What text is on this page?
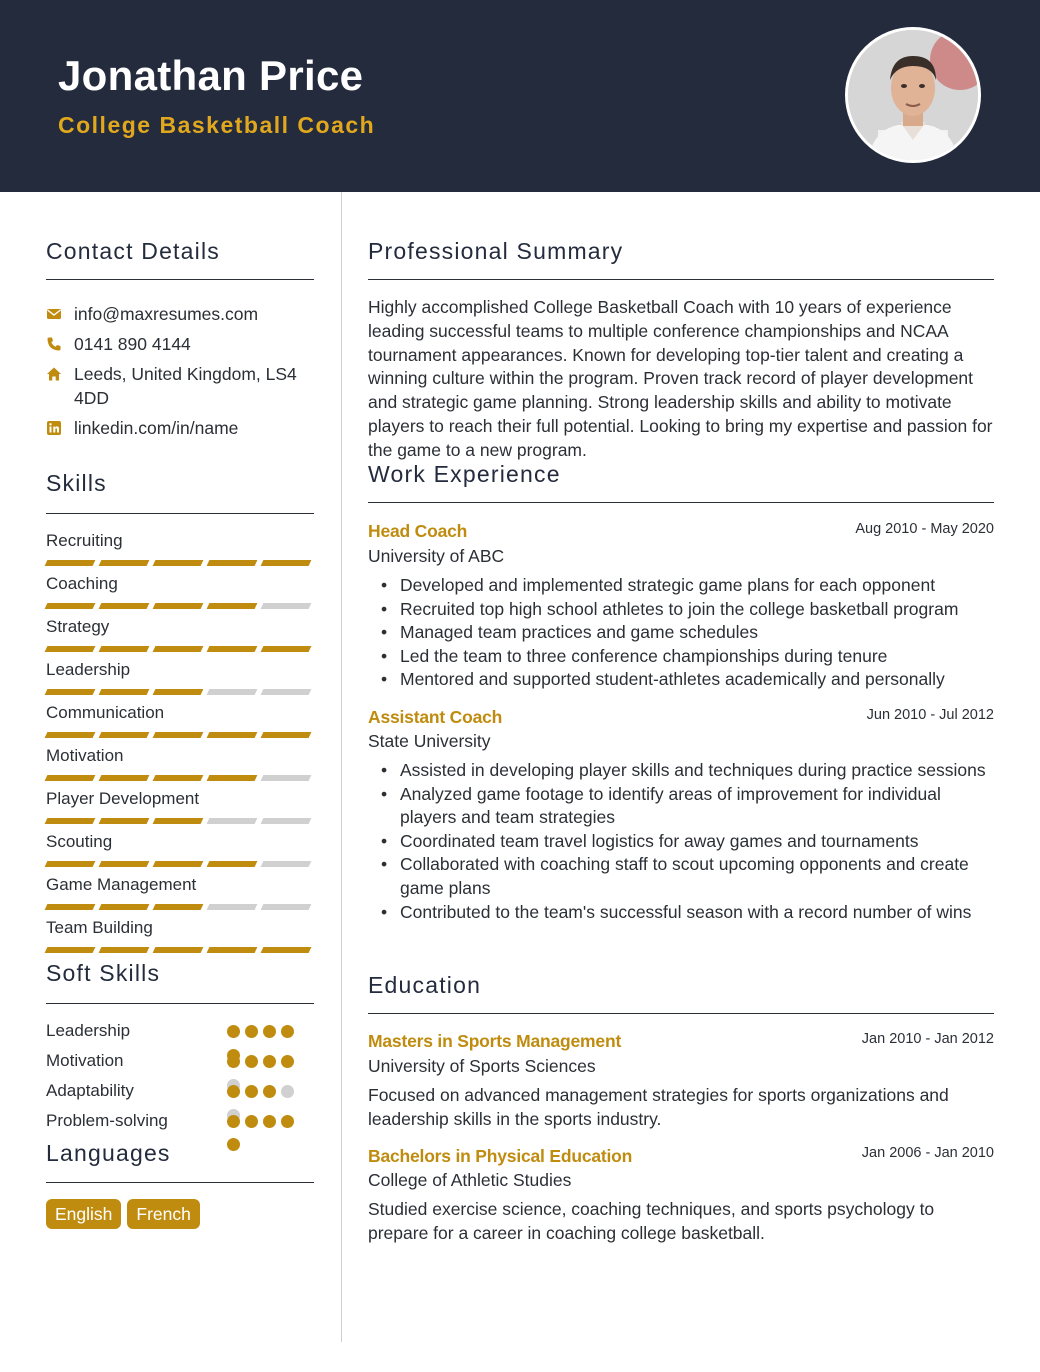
Jonathan Price
College Basketball Coach
Contact Details
info@maxresumes.com
0141 890 4144
Leeds, United Kingdom, LS4 4DD
linkedin.com/in/name
Skills
Recruiting
Coaching
Strategy
Leadership
Communication
Motivation
Player Development
Scouting
Game Management
Team Building
Soft Skills
Leadership
Motivation
Adaptability
Problem-solving
Languages
English	French
Professional Summary
Highly accomplished College Basketball Coach with 10 years of experience leading successful teams to multiple conference championships and NCAA tournament appearances. Known for developing top-tier talent and creating a winning culture within the program. Proven track record of player development and strategic game planning. Strong leadership skills and ability to motivate players to reach their full potential. Looking to bring my expertise and passion for the game to a new program.
Work Experience
Head Coach	Aug 2010 - May 2020
University of ABC
• Developed and implemented strategic game plans for each opponent
• Recruited top high school athletes to join the college basketball program
• Managed team practices and game schedules
• Led the team to three conference championships during tenure
• Mentored and supported student-athletes academically and personally
Assistant Coach	Jun 2010 - Jul 2012
State University
• Assisted in developing player skills and techniques during practice sessions
• Analyzed game footage to identify areas of improvement for individual players and team strategies
• Coordinated team travel logistics for away games and tournaments
• Collaborated with coaching staff to scout upcoming opponents and create game plans
• Contributed to the team's successful season with a record number of wins
Education
Masters in Sports Management	Jan 2010 - Jan 2012
University of Sports Sciences
Focused on advanced management strategies for sports organizations and leadership skills in the sports industry.
Bachelors in Physical Education	Jan 2006 - Jan 2010
College of Athletic Studies
Studied exercise science, coaching techniques, and sports psychology to prepare for a career in coaching college basketball.
